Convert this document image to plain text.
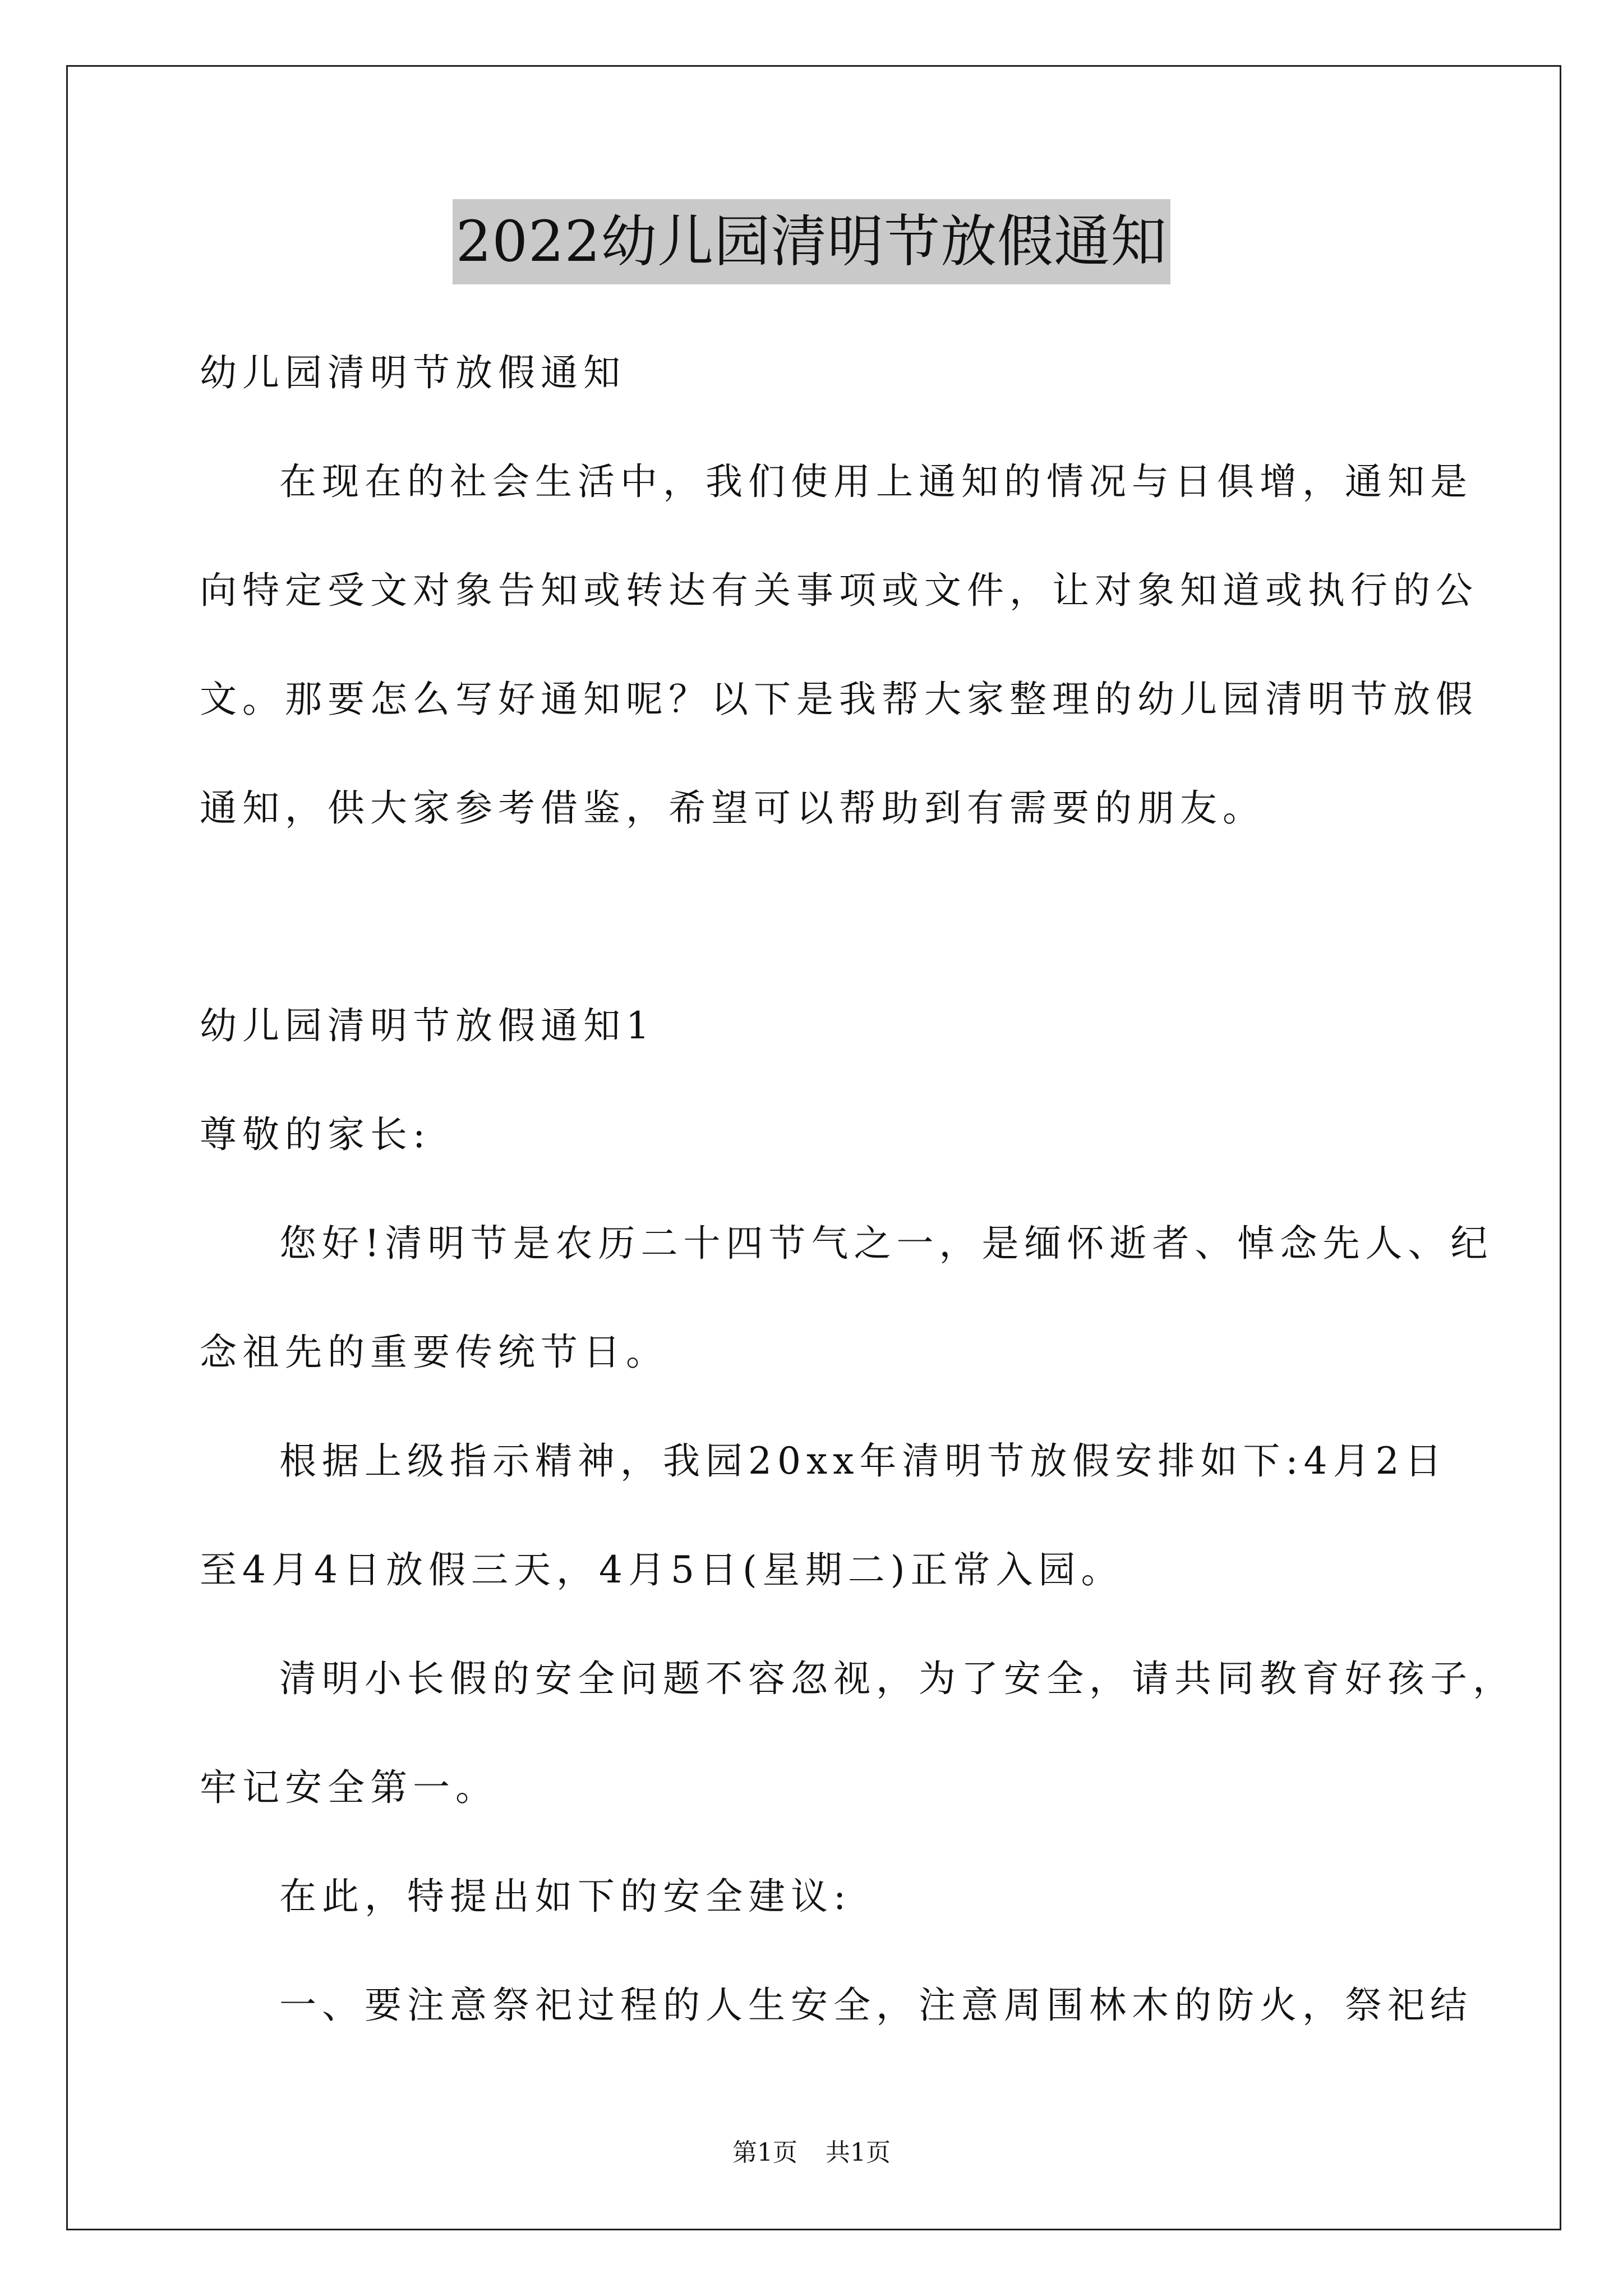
2022幼儿园清明节放假通知

幼儿园清明节放假通知

在现在的社会生活中，我们使用上通知的情况与日俱增，通知是

向特定受文对象告知或转达有关事项或文件，让对象知道或执行的公

文。那要怎么写好通知呢？以下是我帮大家整理的幼儿园清明节放假

通知，供大家参考借鉴，希望可以帮助到有需要的朋友。

幼儿园清明节放假通知1

尊敬的家长:

您好!清明节是农历二十四节气之一，是缅怀逝者、悼念先人、纪

念祖先的重要传统节日。

根据上级指示精神，我园20xx年清明节放假安排如下:4月2日

至4月4日放假三天，4月5日(星期二)正常入园。

清明小长假的安全问题不容忽视，为了安全，请共同教育好孩子，

牢记安全第一。

在此，特提出如下的安全建议:

一、要注意祭祀过程的人生安全，注意周围林木的防火，祭祀结

第1页 共1页
